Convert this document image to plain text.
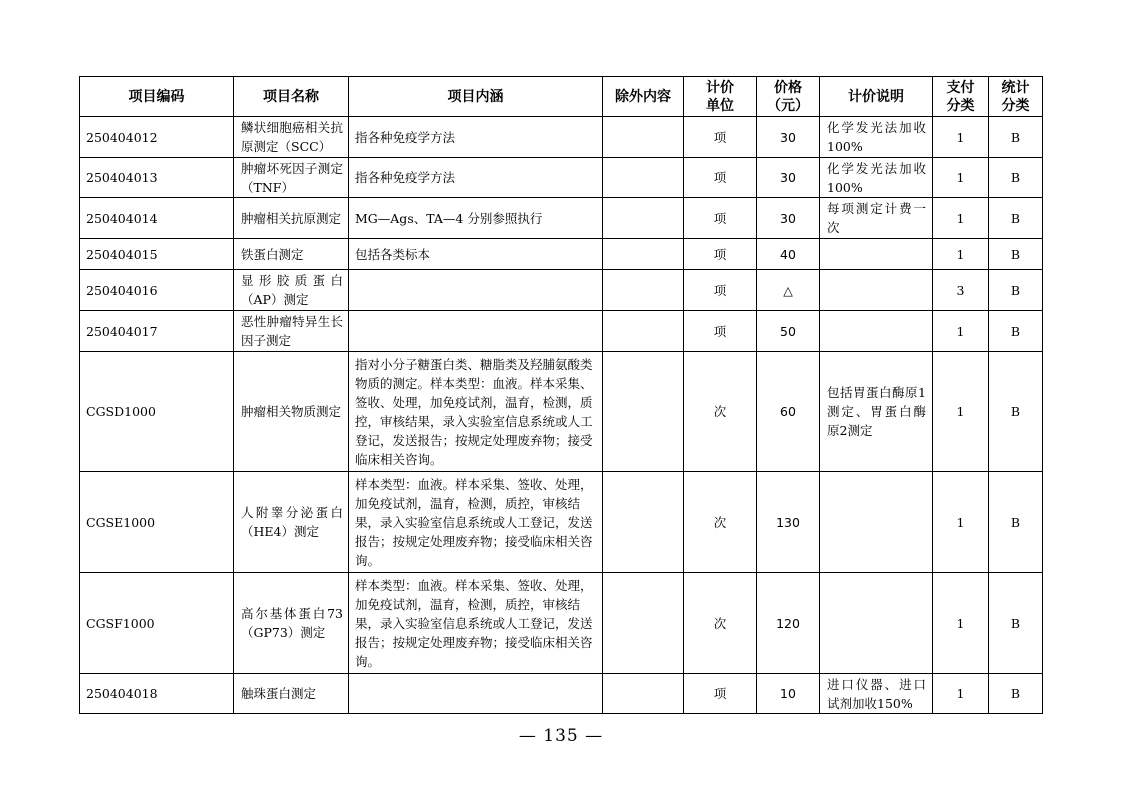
项目编码	项目名称	项目内涵	除外内容	计价单位	价格（元）	计价说明	支付分类	统计分类
250404012	鳞状细胞癌相关抗原测定（SCC）	指各种免疫学方法		项	30	化学发光法加收100%	1	B
250404013	肿瘤坏死因子测定（TNF）	指各种免疫学方法		项	30	化学发光法加收100%	1	B
250404014	肿瘤相关抗原测定	MG—Ags、TA—4 分别参照执行		项	30	每项测定计费一次	1	B
250404015	铁蛋白测定	包括各类标本		项	40		1	B
250404016	显形胶质蛋白（AP）测定			项	△		3	B
250404017	恶性肿瘤特异生长因子测定			项	50		1	B
CGSD1000	肿瘤相关物质测定	指对小分子糖蛋白类、糖脂类及羟脯氨酸类物质的测定。样本类型：血液。样本采集、签收、处理，加免疫试剂，温育，检测，质控，审核结果，录入实验室信息系统或人工登记，发送报告；按规定处理废弃物；接受临床相关咨询。		次	60	包括胃蛋白酶原1测定、胃蛋白酶原2测定	1	B
CGSE1000	人附睾分泌蛋白（HE4）测定	样本类型：血液。样本采集、签收、处理，加免疫试剂，温育，检测，质控，审核结果，录入实验室信息系统或人工登记，发送报告；按规定处理废弃物；接受临床相关咨询。		次	130		1	B
CGSF1000	高尔基体蛋白73（GP73）测定	样本类型：血液。样本采集、签收、处理，加免疫试剂，温育，检测，质控，审核结果，录入实验室信息系统或人工登记，发送报告；按规定处理废弃物；接受临床相关咨询。		次	120		1	B
250404018	触珠蛋白测定			项	10	进口仪器、进口试剂加收150%	1	B
— 135 —
